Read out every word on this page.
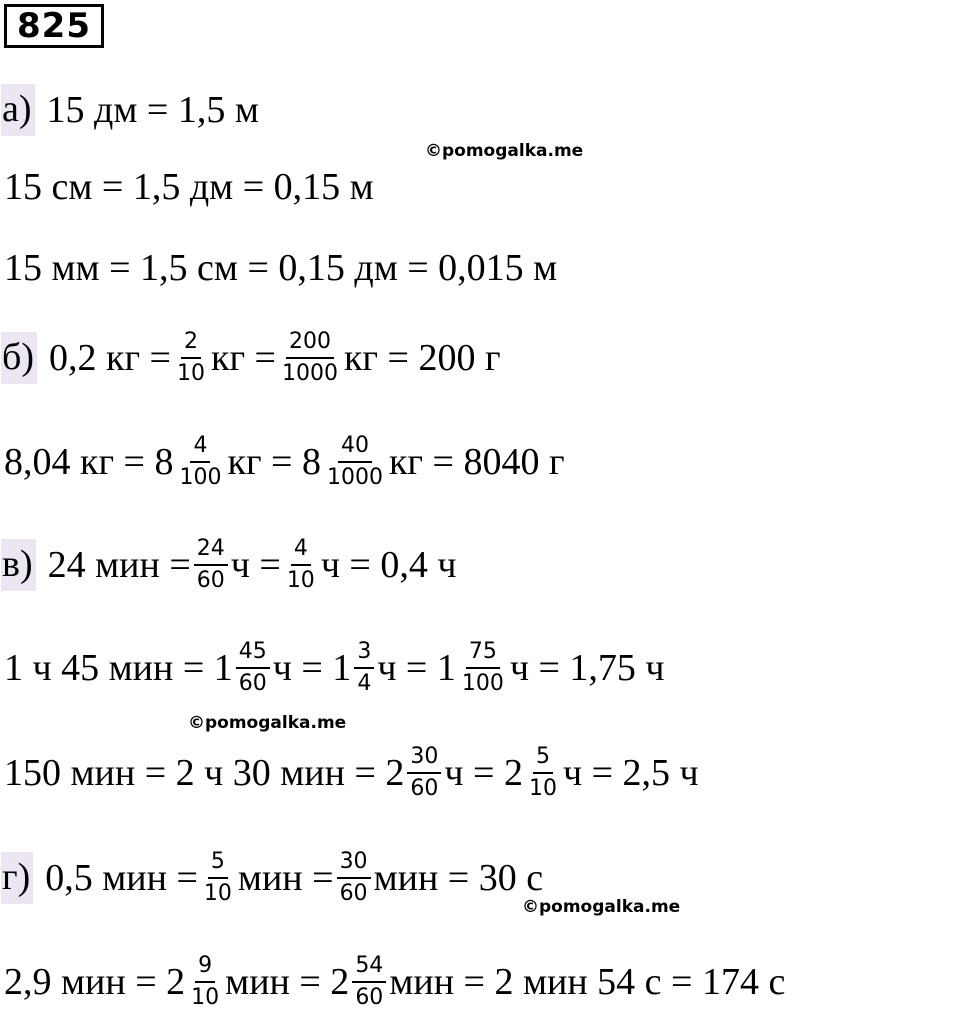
825
а) 15 дм = 1,5 м
©pomogalka.me
15 см = 1,5 дм = 0,15 м
15 мм = 1,5 см = 0,15 дм = 0,015 м
б) 0,2 кг = $\frac{2}{10}$ кг = $\frac{200}{1000}$ кг = 200 г
8,04 кг = $8 \frac{4}{100}$ кг = $8 \frac{40}{1000}$ кг = 8040 г
в) 24 мин = $\frac{24}{60}$ $ч = \frac{4}{10}$ ч = 0,4 ч
1 ч 45 мин = $1 \frac{45}{60}$ $ч = 1 \frac{3}{4}$ $ч = 1 \frac{75}{100}$ ч = 1,75 ч
©pomogalka.me
150 мин = 2 ч 30 мин = $2 \frac{30}{60}$ $ч = 2 \frac{5}{10}$ ч = 2,5 ч
г) 0,5 мин = $\frac{5}{10}$ мин = $\frac{30}{60}$ мин = 30 с
©pomogalka.me
2,9 мин = $2 \frac{9}{10}$ мин = $2 \frac{54}{60}$ мин = 2 мин 54 с = 174 с
